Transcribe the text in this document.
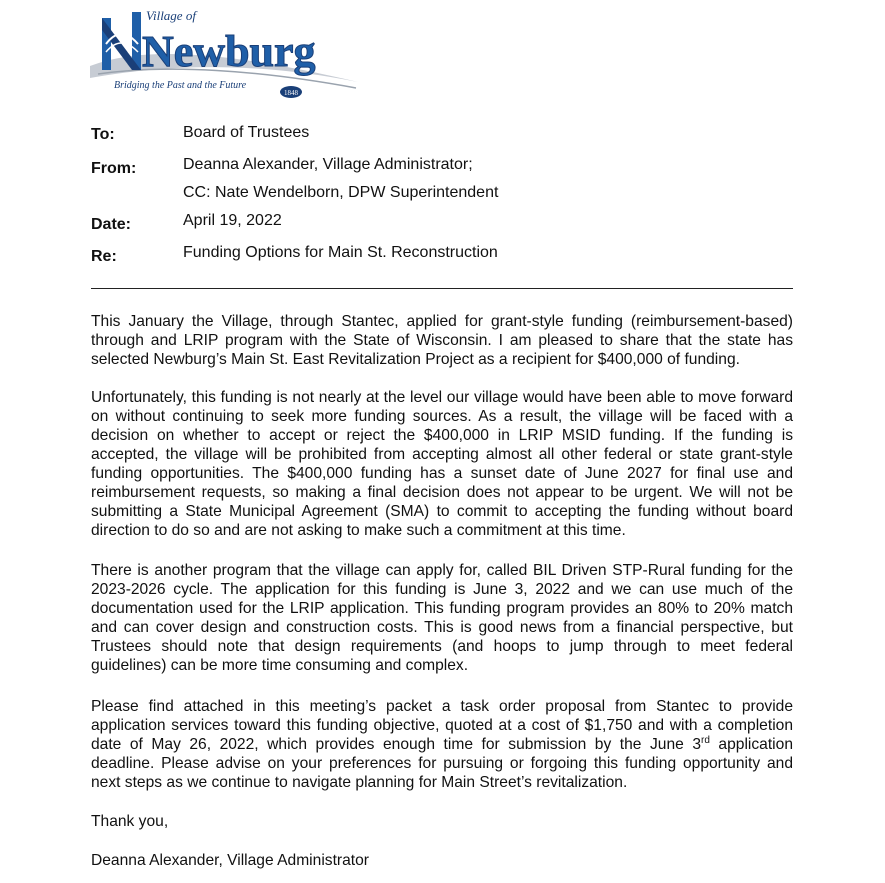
Village of
Newburg
Bridging the Past and the Future
1848
To:	Board of Trustees
From:	Deanna Alexander, Village Administrator;
CC: Nate Wendelborn, DPW Superintendent
Date:	April 19, 2022
Re:	Funding Options for Main St. Reconstruction

This January the Village, through Stantec, applied for grant-style funding (reimbursement-based) through and LRIP program with the State of Wisconsin. I am pleased to share that the state has selected Newburg’s Main St. East Revitalization Project as a recipient for $400,000 of funding.

Unfortunately, this funding is not nearly at the level our village would have been able to move forward on without continuing to seek more funding sources. As a result, the village will be faced with a decision on whether to accept or reject the $400,000 in LRIP MSID funding. If the funding is accepted, the village will be prohibited from accepting almost all other federal or state grant-style funding opportunities. The $400,000 funding has a sunset date of June 2027 for final use and reimbursement requests, so making a final decision does not appear to be urgent. We will not be submitting a State Municipal Agreement (SMA) to commit to accepting the funding without board direction to do so and are not asking to make such a commitment at this time.

There is another program that the village can apply for, called BIL Driven STP-Rural funding for the 2023-2026 cycle. The application for this funding is June 3, 2022 and we can use much of the documentation used for the LRIP application. This funding program provides an 80% to 20% match and can cover design and construction costs. This is good news from a financial perspective, but Trustees should note that design requirements (and hoops to jump through to meet federal guidelines) can be more time consuming and complex.

Please find attached in this meeting’s packet a task order proposal from Stantec to provide application services toward this funding objective, quoted at a cost of $1,750 and with a completion date of May 26, 2022, which provides enough time for submission by the June 3rd application deadline. Please advise on your preferences for pursuing or forgoing this funding opportunity and next steps as we continue to navigate planning for Main Street’s revitalization.

Thank you,

Deanna Alexander, Village Administrator
